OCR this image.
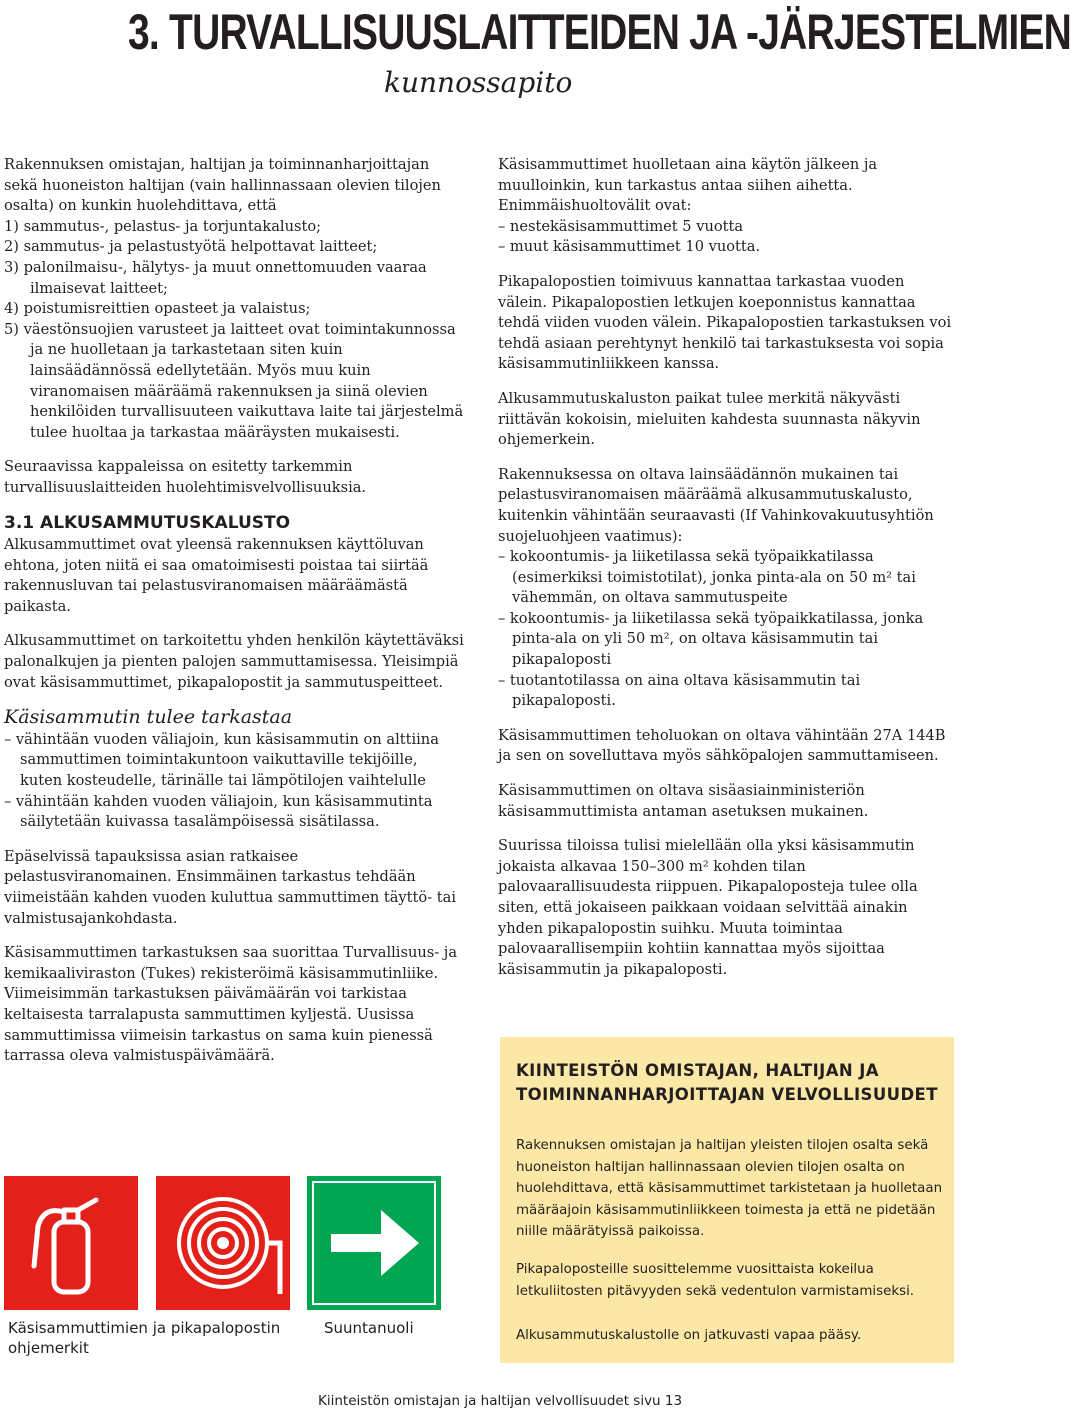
3. TURVALLISUUSLAITTEIDEN JA -JÄRJESTELMIEN
kunnossapito

Rakennuksen omistajan, haltijan ja toiminnanharjoittajan sekä huoneiston haltijan (vain hallinnassaan olevien tilojen osalta) on kunkin huolehdittava, että

1) sammutus-, pelastus- ja torjuntakalusto;

2) sammutus- ja pelastustyötä helpottavat laitteet;

3) palonilmaisu-, hälytys- ja muut onnettomuuden vaaraa ilmaisevat laitteet;

4) poistumisreittien opasteet ja valaistus;

5) väestönsuojien varusteet ja laitteet ovat toimintakunnossa ja ne huolletaan ja tarkastetaan siten kuin lainsäädännössä edellytetään. Myös muu kuin viranomaisen määräämä rakennuksen ja siinä olevien henkilöiden turvallisuuteen vaikuttava laite tai järjestelmä tulee huoltaa ja tarkastaa määräysten mukaisesti.

Seuraavissa kappaleissa on esitetty tarkemmin turvallisuuslaitteiden huolehtimisvelvollisuuksia.

3.1 ALKUSAMMUTUSKALUSTO

Alkusammuttimet ovat yleensä rakennuksen käyttöluvan ehtona, joten niitä ei saa omatoimisesti poistaa tai siirtää rakennusluvan tai pelastusviranomaisen määräämästä paikasta.

Alkusammuttimet on tarkoitettu yhden henkilön käytettäväksi palonalkujen ja pienten palojen sammuttamisessa. Yleisimpiä ovat käsisammuttimet, pikapalopostit ja sammutuspeitteet.

Käsisammutin tulee tarkastaa

– vähintään vuoden väliajoin, kun käsisammutin on alttiina sammuttimen toimintakuntoon vaikuttaville tekijöille, kuten kosteudelle, tärinälle tai lämpötilojen vaihtelulle

– vähintään kahden vuoden väliajoin, kun käsisammutinta säilytetään kuivassa tasalämpöisessä sisätilassa.

Epäselvissä tapauksissa asian ratkaisee pelastusviranomainen. Ensimmäinen tarkastus tehdään viimeistään kahden vuoden kuluttua sammuttimen täyttö- tai valmistusajankohdasta.

Käsisammuttimen tarkastuksen saa suorittaa Turvallisuus- ja kemikaaliviraston (Tukes) rekisteröimä käsisammutinliike. Viimeisimmän tarkastuksen päivämäärän voi tarkistaa keltaisesta tarralapusta sammuttimen kyljestä. Uusissa sammuttimissa viimeisin tarkastus on sama kuin pienessä tarrassa oleva valmistuspäivämäärä.

Käsisammuttimien ja pikapalopostin ohjemerkit
Suuntanuoli

Käsisammuttimet huolletaan aina käytön jälkeen ja muulloinkin, kun tarkastus antaa siihen aihetta.

Enimmäishuoltovälit ovat:

– nestekäsisammuttimet 5 vuotta

– muut käsisammuttimet 10 vuotta.

Pikapalopostien toimivuus kannattaa tarkastaa vuoden välein. Pikapalopostien letkujen koeponnistus kannattaa tehdä viiden vuoden välein. Pikapalopostien tarkastuksen voi tehdä asiaan perehtynyt henkilö tai tarkastuksesta voi sopia käsisammutinliikkeen kanssa.

Alkusammutuskaluston paikat tulee merkitä näkyvästi riittävän kokoisin, mieluiten kahdesta suunnasta näkyvin ohjemerkein.

Rakennuksessa on oltava lainsäädännön mukainen tai pelastusviranomaisen määräämä alkusammutuskalusto, kuitenkin vähintään seuraavasti (If Vahinkovakuutusyhtiön suojeluohjeen vaatimus):

– kokoontumis- ja liiketilassa sekä työpaikkatilassa (esimerkiksi toimistotilat), jonka pinta-ala on 50 m² tai vähemmän, on oltava sammutuspeite

– kokoontumis- ja liiketilassa sekä työpaikkatilassa, jonka pinta-ala on yli 50 m², on oltava käsisammutin tai pikapaloposti

– tuotantotilassa on aina oltava käsisammutin tai pikapaloposti.

Käsisammuttimen teholuokan on oltava vähintään 27A 144B ja sen on sovelluttava myös sähköpalojen sammuttamiseen.

Käsisammuttimen on oltava sisäasiainministeriön käsisammuttimista antaman asetuksen mukainen.

Suurissa tiloissa tulisi mielellään olla yksi käsisammutin jokaista alkavaa 150–300 m² kohden tilan palovaarallisuudesta riippuen. Pikapaloposteja tulee olla siten, että jokaiseen paikkaan voidaan selvittää ainakin yhden pikapalopostin suihku. Muuta toimintaa palovaarallisempiin kohtiin kannattaa myös sijoittaa käsisammutin ja pikapaloposti.

KIINTEISTÖN OMISTAJAN, HALTIJAN JA TOIMINNANHARJOITTAJAN VELVOLLISUUDET
Rakennuksen omistajan ja haltijan yleisten tilojen osalta sekä huoneiston haltijan hallinnassaan olevien tilojen osalta on huolehdittava, että käsisammuttimet tarkistetaan ja huolletaan määräajoin käsisammutinliikkeen toimesta ja että ne pidetään niille määrätyissä paikoissa.
Pikapaloposteille suosittelemme vuosittaista kokeilua letkuliitosten pitävyyden sekä vedentulon varmistamiseksi.
Alkusammutuskalustolle on jatkuvasti vapaa pääsy.
Kiinteistön omistajan ja haltijan velvollisuudet sivu 13
